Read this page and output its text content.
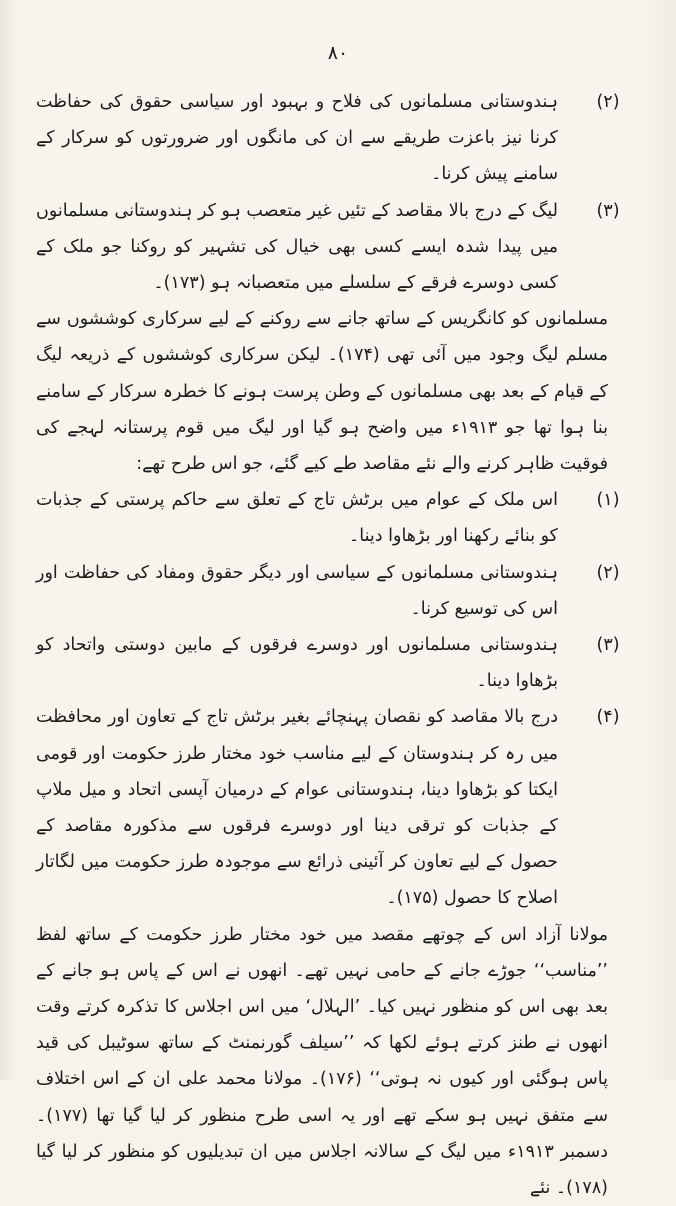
۸۰
(۲)
ہندوستانی مسلمانوں کی فلاح و بہبود اور سیاسی حقوق کی حفاظت کرنا نیز باعزت طریقے سے ان کی مانگوں اور ضرورتوں کو سرکار کے سامنے پیش کرنا۔
(۳)
لیگ کے درج بالا مقاصد کے تئیں غیر متعصب ہو کر ہندوستانی مسلمانوں میں پیدا شدہ ایسے کسی بھی خیال کی تشہیر کو روکنا جو ملک کے کسی دوسرے فرقے کے سلسلے میں متعصبانہ ہو (۱۷۳)۔

مسلمانوں کو کانگریس کے ساتھ جانے سے روکنے کے لیے سرکاری کوششوں سے مسلم لیگ وجود میں آئی تھی (۱۷۴)۔ لیکن سرکاری کوششوں کے ذریعہ لیگ کے قیام کے بعد بھی مسلمانوں کے وطن پرست ہونے کا خطرہ سرکار کے سامنے بنا ہوا تھا جو ۱۹۱۳ء میں واضح ہو گیا اور لیگ میں قوم پرستانہ لہجے کی فوقیت ظاہر کرنے والے نئے مقاصد طے کیے گئے، جو اس طرح تھے:

(۱)
اس ملک کے عوام میں برٹش تاج کے تعلق سے حاکم پرستی کے جذبات کو بنائے رکھنا اور بڑھاوا دینا۔
(۲)
ہندوستانی مسلمانوں کے سیاسی اور دیگر حقوق ومفاد کی حفاظت اور اس کی توسیع کرنا۔
(۳)
ہندوستانی مسلمانوں اور دوسرے فرقوں کے مابین دوستی واتحاد کو بڑھاوا دینا۔
(۴)
درج بالا مقاصد کو نقصان پہنچائے بغیر برٹش تاج کے تعاون اور محافظت میں رہ کر ہندوستان کے لیے مناسب خود مختار طرز حکومت اور قومی ایکتا کو بڑھاوا دینا، ہندوستانی عوام کے درمیان آپسی اتحاد و میل ملاپ کے جذبات کو ترقی دینا اور دوسرے فرقوں سے مذکورہ مقاصد کے حصول کے لیے تعاون کر آئینی ذرائع سے موجودہ طرز حکومت میں لگاتار اصلاح کا حصول (۱۷۵)۔

مولانا آزاد اس کے چوتھے مقصد میں خود مختار طرز حکومت کے ساتھ لفظ ’’مناسب‘‘ جوڑے جانے کے حامی نہیں تھے۔ انھوں نے اس کے پاس ہو جانے کے بعد بھی اس کو منظور نہیں کیا۔ ’الہلال‘ میں اس اجلاس کا تذکرہ کرتے وقت انھوں نے طنز کرتے ہوئے لکھا کہ ’’سیلف گورنمنٹ کے ساتھ سوٹیبل کی قید پاس ہوگئی اور کیوں نہ ہوتی‘‘ (۱۷۶)۔ مولانا محمد علی ان کے اس اختلاف سے متفق نہیں ہو سکے تھے اور یہ اسی طرح منظور کر لیا گیا تھا (۱۷۷)۔ دسمبر ۱۹۱۳ء میں لیگ کے سالانہ اجلاس میں ان تبدیلیوں کو منظور کر لیا گیا (۱۷۸)۔ نئے
